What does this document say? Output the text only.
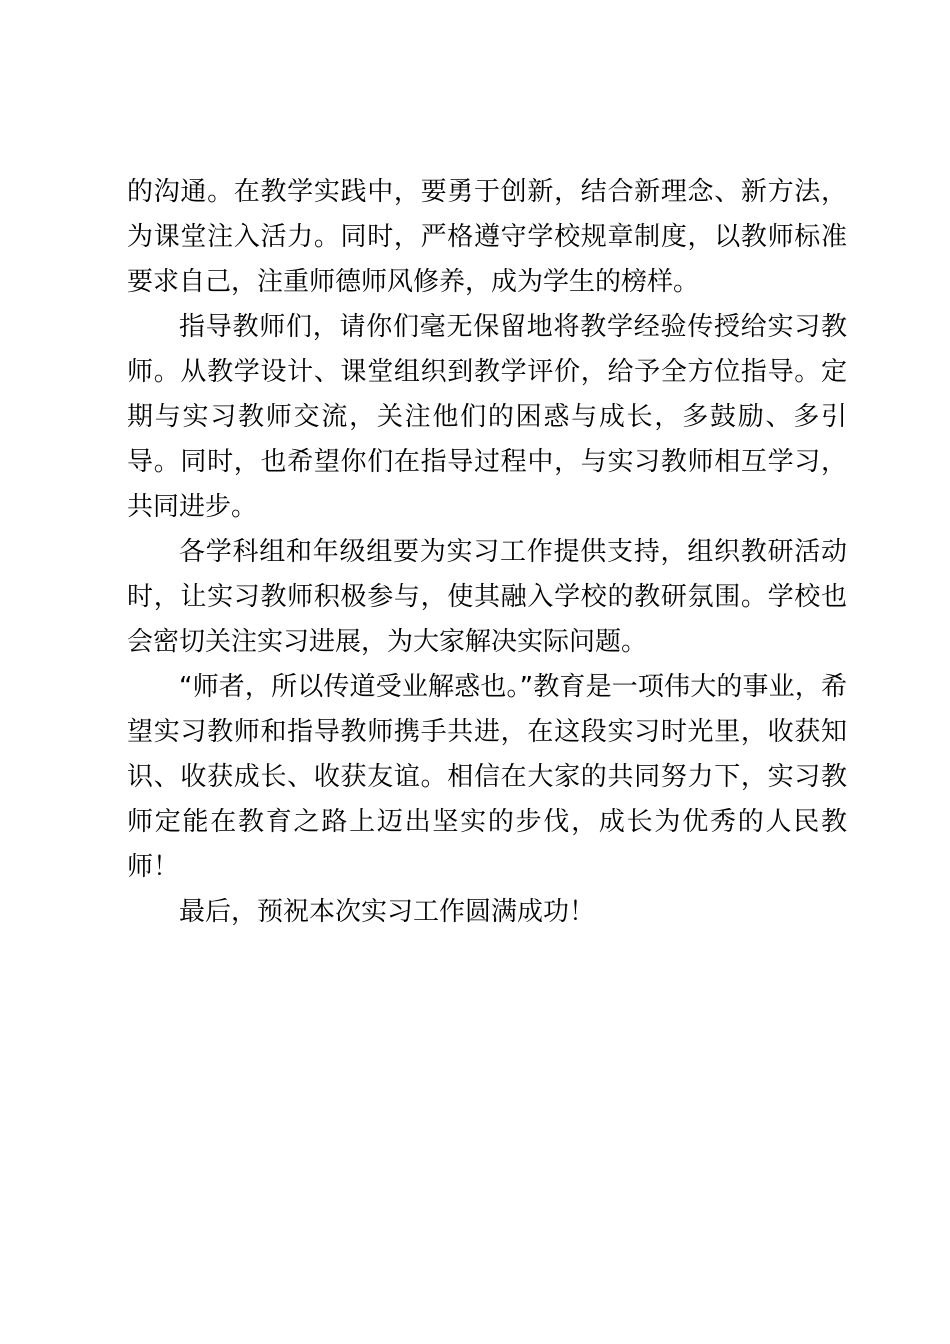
的沟通。在教学实践中，要勇于创新，结合新理念、新方法，为课堂注入活力。同时，严格遵守学校规章制度，以教师标准要求自己，注重师德师风修养，成为学生的榜样。

指导教师们，请你们毫无保留地将教学经验传授给实习教师。从教学设计、课堂组织到教学评价，给予全方位指导。定期与实习教师交流，关注他们的困惑与成长，多鼓励、多引导。同时，也希望你们在指导过程中，与实习教师相互学习，共同进步。

各学科组和年级组要为实习工作提供支持，组织教研活动时，让实习教师积极参与，使其融入学校的教研氛围。学校也会密切关注实习进展，为大家解决实际问题。

“师者，所以传道受业解惑也。”教育是一项伟大的事业，希望实习教师和指导教师携手共进，在这段实习时光里，收获知识、收获成长、收获友谊。相信在大家的共同努力下，实习教师定能在教育之路上迈出坚实的步伐，成长为优秀的人民教师！

最后，预祝本次实习工作圆满成功！
